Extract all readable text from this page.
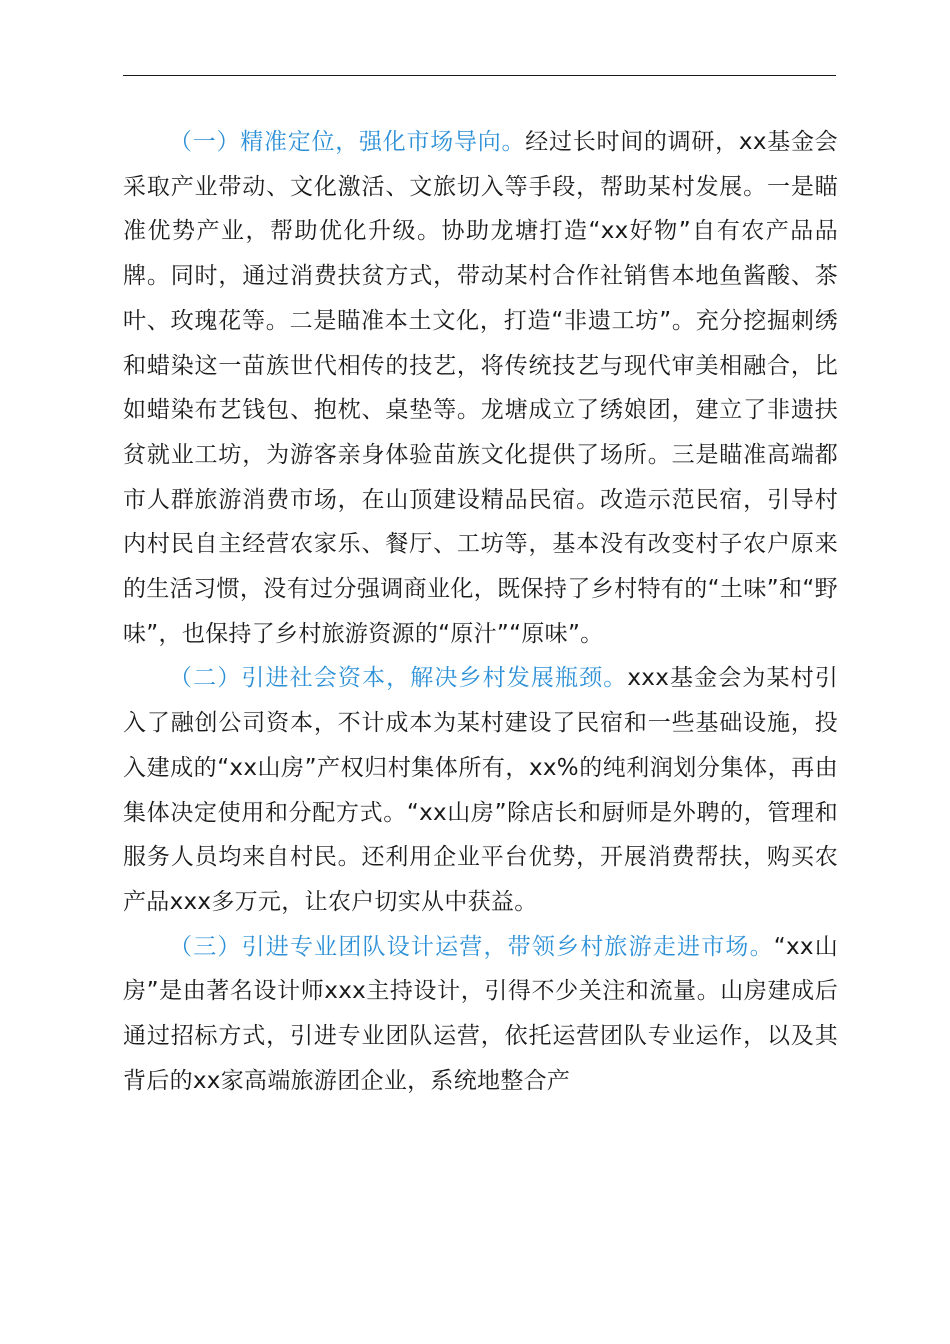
（一）精准定位，强化市场导向。经过长时间的调研，xx基金会采取产业带动、文化激活、文旅切入等手段，帮助某村发展。一是瞄准优势产业，帮助优化升级。协助龙塘打造“xx好物”自有农产品品牌。同时，通过消费扶贫方式，带动某村合作社销售本地鱼酱酸、茶叶、玫瑰花等。二是瞄准本土文化，打造“非遗工坊”。充分挖掘刺绣和蜡染这一苗族世代相传的技艺，将传统技艺与现代审美相融合，比如蜡染布艺钱包、抱枕、桌垫等。龙塘成立了绣娘团，建立了非遗扶贫就业工坊，为游客亲身体验苗族文化提供了场所。三是瞄准高端都市人群旅游消费市场，在山顶建设精品民宿。改造示范民宿，引导村内村民自主经营农家乐、餐厅、工坊等，基本没有改变村子农户原来的生活习惯，没有过分强调商业化，既保持了乡村特有的“土味”和“野味”，也保持了乡村旅游资源的“原汁”“原味”。

（二）引进社会资本，解决乡村发展瓶颈。xxx基金会为某村引入了融创公司资本，不计成本为某村建设了民宿和一些基础设施，投入建成的“xx山房”产权归村集体所有，xx%的纯利润划分集体，再由集体决定使用和分配方式。“xx山房”除店长和厨师是外聘的，管理和服务人员均来自村民。还利用企业平台优势，开展消费帮扶，购买农产品xxx多万元，让农户切实从中获益。

（三）引进专业团队设计运营，带领乡村旅游走进市场。“xx山房”是由著名设计师xxx主持设计，引得不少关注和流量。山房建成后通过招标方式，引进专业团队运营，依托运营团队专业运作，以及其背后的xx家高端旅游团企业，系统地整合产
